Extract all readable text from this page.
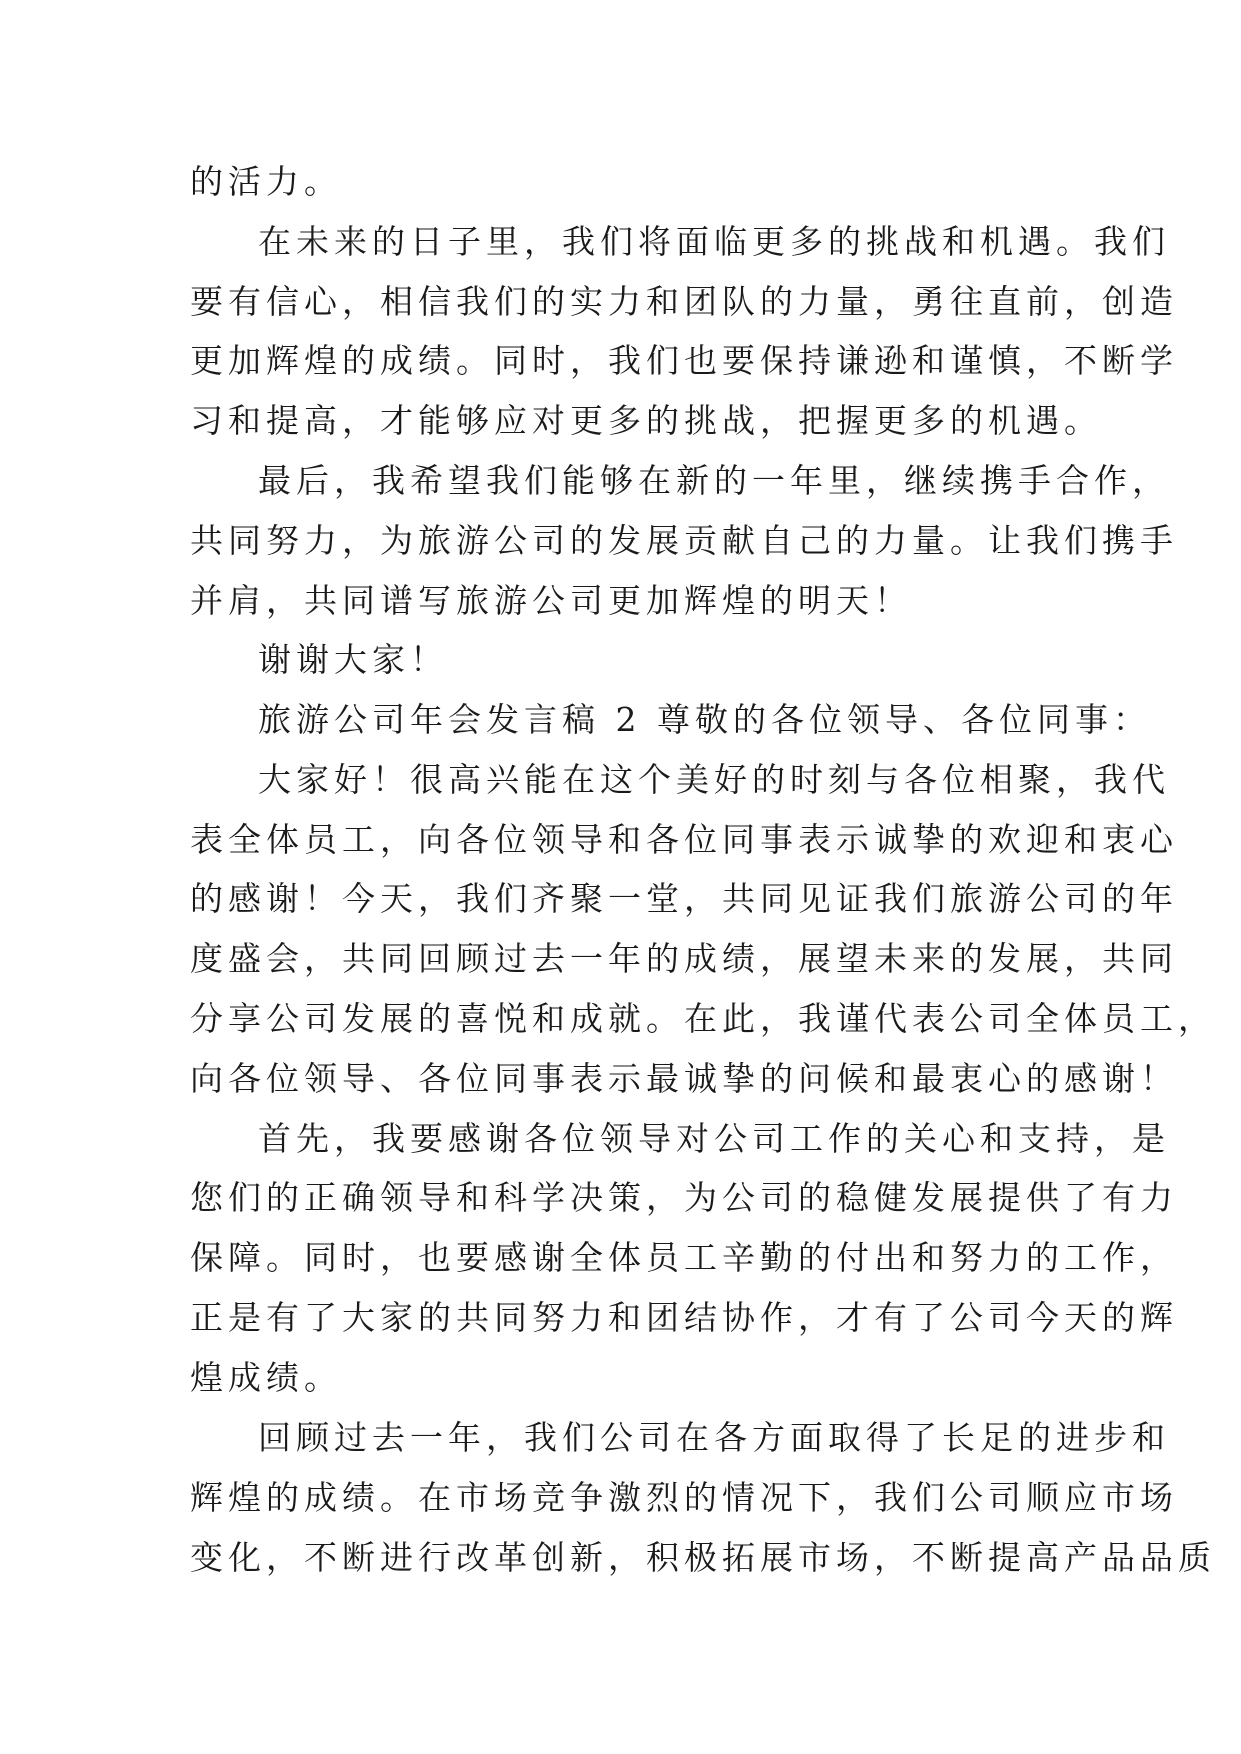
的活力。

在未来的日子里，我们将面临更多的挑战和机遇。我们

要有信心，相信我们的实力和团队的力量，勇往直前，创造

更加辉煌的成绩。同时，我们也要保持谦逊和谨慎，不断学

习和提高，才能够应对更多的挑战，把握更多的机遇。

最后，我希望我们能够在新的一年里，继续携手合作，

共同努力，为旅游公司的发展贡献自己的力量。让我们携手

并肩，共同谱写旅游公司更加辉煌的明天！

谢谢大家！

旅游公司年会发言稿 2 尊敬的各位领导、各位同事：

大家好！很高兴能在这个美好的时刻与各位相聚，我代

表全体员工，向各位领导和各位同事表示诚挚的欢迎和衷心

的感谢！今天，我们齐聚一堂，共同见证我们旅游公司的年

度盛会，共同回顾过去一年的成绩，展望未来的发展，共同

分享公司发展的喜悦和成就。在此，我谨代表公司全体员工，

向各位领导、各位同事表示最诚挚的问候和最衷心的感谢！

首先，我要感谢各位领导对公司工作的关心和支持，是

您们的正确领导和科学决策，为公司的稳健发展提供了有力

保障。同时，也要感谢全体员工辛勤的付出和努力的工作，

正是有了大家的共同努力和团结协作，才有了公司今天的辉

煌成绩。

回顾过去一年，我们公司在各方面取得了长足的进步和

辉煌的成绩。在市场竞争激烈的情况下，我们公司顺应市场

变化，不断进行改革创新，积极拓展市场，不断提高产品品质
